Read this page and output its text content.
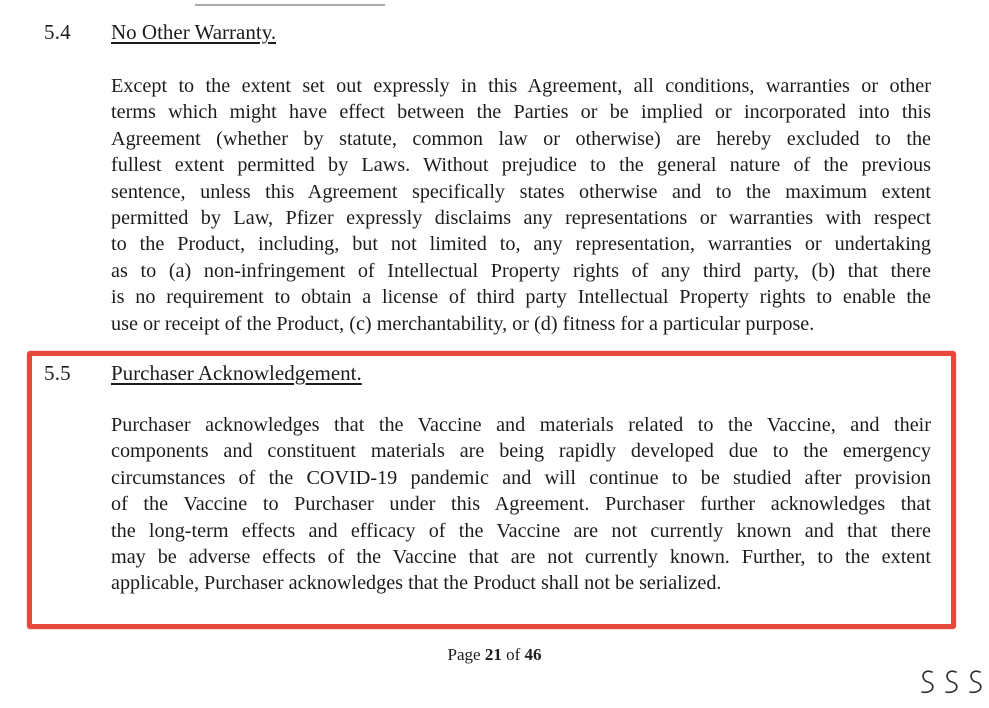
5.4 No Other Warranty.
Except to the extent set out expressly in this Agreement, all conditions, warranties or other
terms which might have effect between the Parties or be implied or incorporated into this
Agreement (whether by statute, common law or otherwise) are hereby excluded to the
fullest extent permitted by Laws. Without prejudice to the general nature of the previous
sentence, unless this Agreement specifically states otherwise and to the maximum extent
permitted by Law, Pfizer expressly disclaims any representations or warranties with respect
to the Product, including, but not limited to, any representation, warranties or undertaking
as to (a) non-infringement of Intellectual Property rights of any third party, (b) that there
is no requirement to obtain a license of third party Intellectual Property rights to enable the
use or receipt of the Product, (c) merchantability, or (d) fitness for a particular purpose.
5.5 Purchaser Acknowledgement.
Purchaser acknowledges that the Vaccine and materials related to the Vaccine, and their
components and constituent materials are being rapidly developed due to the emergency
circumstances of the COVID-19 pandemic and will continue to be studied after provision
of the Vaccine to Purchaser under this Agreement. Purchaser further acknowledges that
the long-term effects and efficacy of the Vaccine are not currently known and that there
may be adverse effects of the Vaccine that are not currently known. Further, to the extent
applicable, Purchaser acknowledges that the Product shall not be serialized.
Page 21 of 46
